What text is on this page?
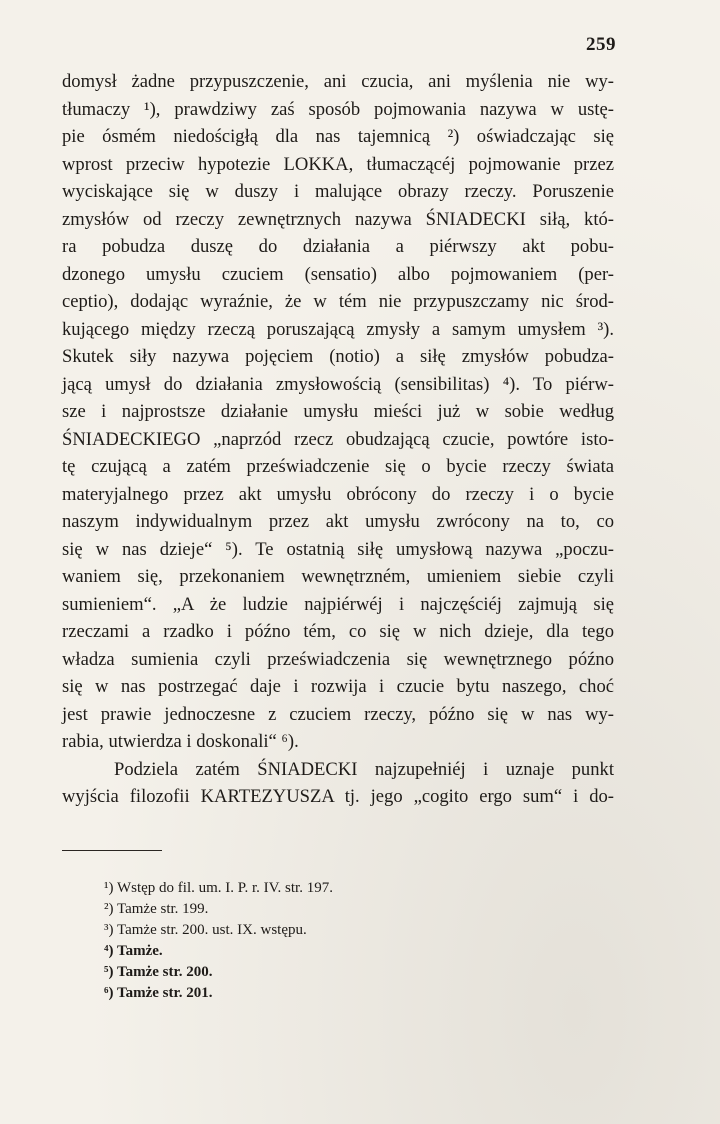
259
domysł żadne przypuszczenie, ani czucia, ani myślenia nie wy-
tłumaczy ¹), prawdziwy zaś sposób pojmowania nazywa w ustę-
pie ósmém niedościgłą dla nas tajemnicą ²) oświadczając się
wprost przeciw hypotezie LOKKA, tłumaczącéj pojmowanie przez
wyciskające się w duszy i malujące obrazy rzeczy. Poruszenie
zmysłów od rzeczy zewnętrznych nazywa ŚNIADECKI siłą, któ-
ra pobudza duszę do działania a piérwszy akt pobu-
dzonego umysłu czuciem (sensatio) albo pojmowaniem (per-
ceptio), dodając wyraźnie, że w tém nie przypuszczamy nic środ-
kującego między rzeczą poruszającą zmysły a samym umysłem ³).
Skutek siły nazywa pojęciem (notio) a siłę zmysłów pobudza-
jącą umysł do działania zmysłowością (sensibilitas) ⁴). To piérw-
sze i najprostsze działanie umysłu mieści już w sobie według
ŚNIADECKIEGO „naprzód rzecz obudzającą czucie, powtóre isto-
tę czującą a zatém przeświadczenie się o bycie rzeczy świata
materyjalnego przez akt umysłu obrócony do rzeczy i o bycie
naszym indywidualnym przez akt umysłu zwrócony na to, co
się w nas dzieje“ ⁵). Te ostatnią siłę umysłową nazywa „poczu-
waniem się, przekonaniem wewnętrzném, umieniem siebie czyli
sumieniem“. „A że ludzie najpiérwéj i najczęściéj zajmują się
rzeczami a rzadko i późno tém, co się w nich dzieje, dla tego
władza sumienia czyli przeświadczenia się wewnętrznego późno
się w nas postrzegać daje i rozwija i czucie bytu naszego, choć
jest prawie jednoczesne z czuciem rzeczy, późno się w nas wy-
rabia, utwierdza i doskonali“ ⁶).
Podziela zatém ŚNIADECKI najzupełniéj i uznaje punkt
wyjścia filozofii KARTEZYUSZA tj. jego „cogito ergo sum“ i do-
¹) Wstęp do fil. um. I. P. r. IV. str. 197.
²) Tamże str. 199.
³) Tamże str. 200. ust. IX. wstępu.
⁴) Tamże.
⁵) Tamże str. 200.
⁶) Tamże str. 201.
